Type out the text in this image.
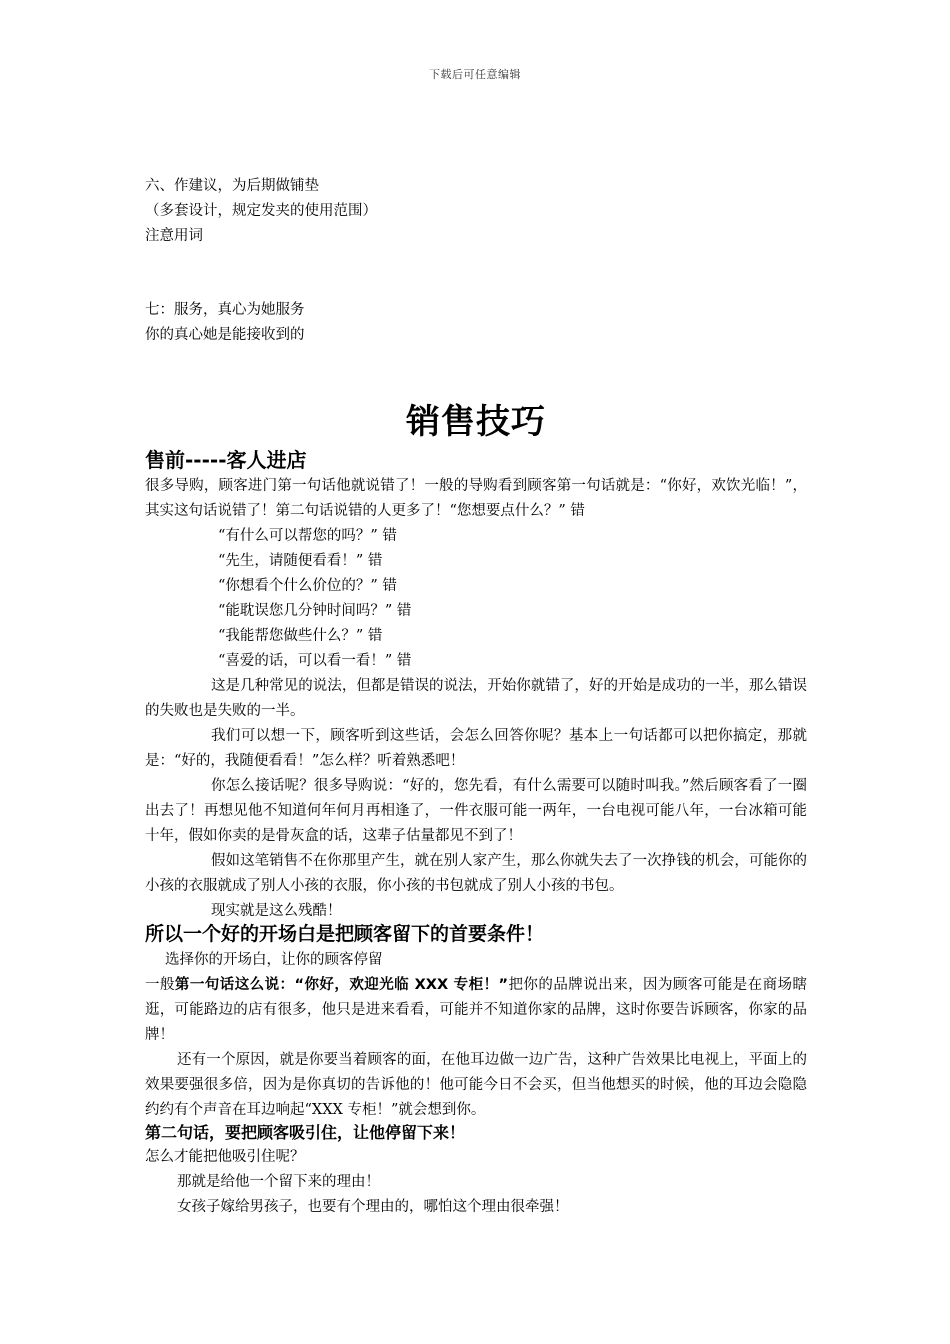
下载后可任意编辑
六、作建议，为后期做铺垫
（多套设计，规定发夹的使用范围）
注意用词
七：服务，真心为她服务
你的真心她是能接收到的
销售技巧
售前-----客人进店
很多导购，顾客进门第一句话他就说错了！一般的导购看到顾客第一句话就是：“你好，欢饮光临！”，其实这句话说错了！第二句话说错的人更多了！“您想要点什么？” 错
“有什么可以帮您的吗？” 错
“先生，请随便看看！” 错
“你想看个什么价位的？” 错
“能耽误您几分钟时间吗？” 错
“我能帮您做些什么？” 错
“喜爱的话，可以看一看！” 错
这是几种常见的说法，但都是错误的说法，开始你就错了，好的开始是成功的一半，那么错误的失败也是失败的一半。
我们可以想一下，顾客听到这些话，会怎么回答你呢？基本上一句话都可以把你搞定，那就是：“好的，我随便看看！”怎么样？听着熟悉吧！
你怎么接话呢？很多导购说：“好的，您先看，有什么需要可以随时叫我。”然后顾客看了一圈出去了！再想见他不知道何年何月再相逢了，一件衣服可能一两年，一台电视可能八年，一台冰箱可能十年，假如你卖的是骨灰盒的话，这辈子估量都见不到了！
假如这笔销售不在你那里产生，就在别人家产生，那么你就失去了一次挣钱的机会，可能你的小孩的衣服就成了别人小孩的衣服，你小孩的书包就成了别人小孩的书包。
现实就是这么残酷！
所以一个好的开场白是把顾客留下的首要条件！
选择你的开场白，让你的顾客停留
一般第一句话这么说：“你好，欢迎光临 XXX 专柜！”把你的品牌说出来，因为顾客可能是在商场瞎逛，可能路边的店有很多，他只是进来看看，可能并不知道你家的品牌，这时你要告诉顾客，你家的品牌！
还有一个原因，就是你要当着顾客的面，在他耳边做一边广告，这种广告效果比电视上，平面上的效果要强很多倍，因为是你真切的告诉他的！他可能今日不会买，但当他想买的时候，他的耳边会隐隐约约有个声音在耳边响起“XXX 专柜！”就会想到你。
第二句话，要把顾客吸引住，让他停留下来！
怎么才能把他吸引住呢？
那就是给他一个留下来的理由！
女孩子嫁给男孩子，也要有个理由的，哪怕这个理由很牵强！
